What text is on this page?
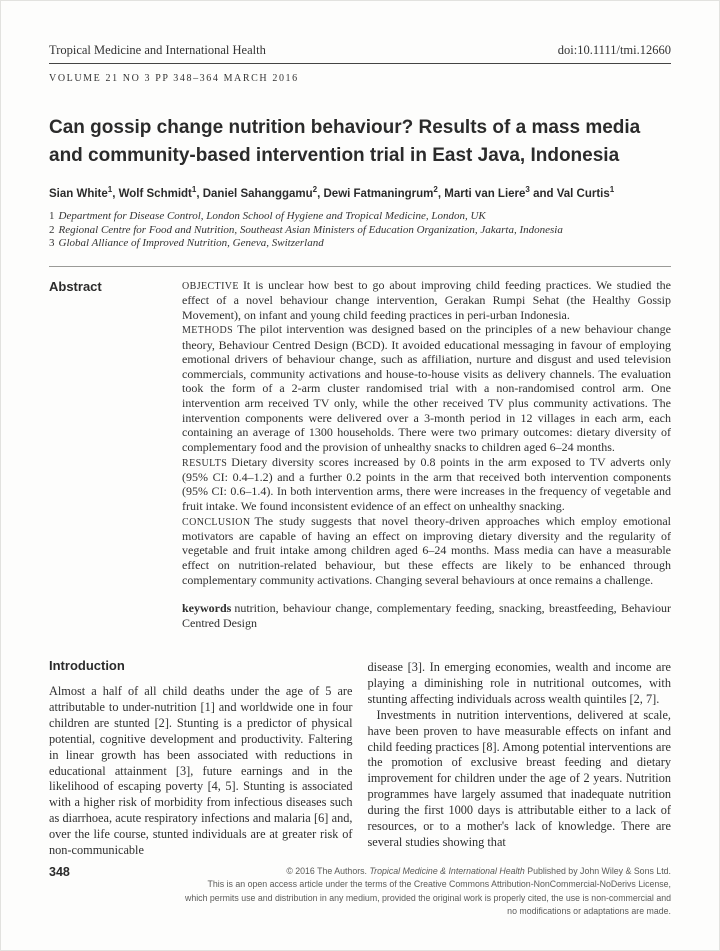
Tropical Medicine and International Health	doi:10.1111/tmi.12660
VOLUME 21 NO 3 PP 348–364 MARCH 2016
Can gossip change nutrition behaviour? Results of a mass media and community-based intervention trial in East Java, Indonesia
Sian White$^1$, Wolf Schmidt$^1$, Daniel Sahanggamu$^2$, Dewi Fatmaningrum$^2$, Marti van Liere$^3$ and Val Curtis$^1$
1 Department for Disease Control, London School of Hygiene and Tropical Medicine, London, UK
2 Regional Centre for Food and Nutrition, Southeast Asian Ministers of Education Organization, Jakarta, Indonesia
3 Global Alliance of Improved Nutrition, Geneva, Switzerland
Abstract	OBJECTIVE It is unclear how best to go about improving child feeding practices. We studied the effect of a novel behaviour change intervention, Gerakan Rumpi Sehat (the Healthy Gossip Movement), on infant and young child feeding practices in peri-urban Indonesia.

METHODS The pilot intervention was designed based on the principles of a new behaviour change theory, Behaviour Centred Design (BCD). It avoided educational messaging in favour of employing emotional drivers of behaviour change, such as affiliation, nurture and disgust and used television commercials, community activations and house-to-house visits as delivery channels. The evaluation took the form of a 2-arm cluster randomised trial with a non-randomised control arm. One intervention arm received TV only, while the other received TV plus community activations. The intervention components were delivered over a 3-month period in 12 villages in each arm, each containing an average of 1300 households. There were two primary outcomes: dietary diversity of complementary food and the provision of unhealthy snacks to children aged 6–24 months.

RESULTS Dietary diversity scores increased by 0.8 points in the arm exposed to TV adverts only (95% CI: 0.4–1.2) and a further 0.2 points in the arm that received both intervention components (95% CI: 0.6–1.4). In both intervention arms, there were increases in the frequency of vegetable and fruit intake. We found inconsistent evidence of an effect on unhealthy snacking.

CONCLUSION The study suggests that novel theory-driven approaches which employ emotional motivators are capable of having an effect on improving dietary diversity and the regularity of vegetable and fruit intake among children aged 6–24 months. Mass media can have a measurable effect on nutrition-related behaviour, but these effects are likely to be enhanced through complementary community activations. Changing several behaviours at once remains a challenge.

keywords nutrition, behaviour change, complementary feeding, snacking, breastfeeding, Behaviour Centred Design

Introduction

Almost a half of all child deaths under the age of 5 are attributable to under-nutrition [1] and worldwide one in four children are stunted [2]. Stunting is a predictor of physical potential, cognitive development and productivity. Faltering in linear growth has been associated with reductions in educational attainment [3], future earnings and in the likelihood of escaping poverty [4, 5]. Stunting is associated with a higher risk of morbidity from infectious diseases such as diarrhoea, acute respiratory infections and malaria [6] and, over the life course, stunted individuals are at greater risk of non-communicable

disease [3]. In emerging economies, wealth and income are playing a diminishing role in nutritional outcomes, with stunting affecting individuals across wealth quintiles [2, 7].

Investments in nutrition interventions, delivered at scale, have been proven to have measurable effects on infant and child feeding practices [8]. Among potential interventions are the promotion of exclusive breast feeding and dietary improvement for children under the age of 2 years. Nutrition programmes have largely assumed that inadequate nutrition during the first 1000 days is attributable either to a lack of resources, or to a mother's lack of knowledge. There are several studies showing that

348	© 2016 The Authors. Tropical Medicine & International Health Published by John Wiley & Sons Ltd.
This is an open access article under the terms of the Creative Commons Attribution-NonCommercial-NoDerivs License,
which permits use and distribution in any medium, provided the original work is properly cited, the use is non-commercial and
no modifications or adaptations are made.
